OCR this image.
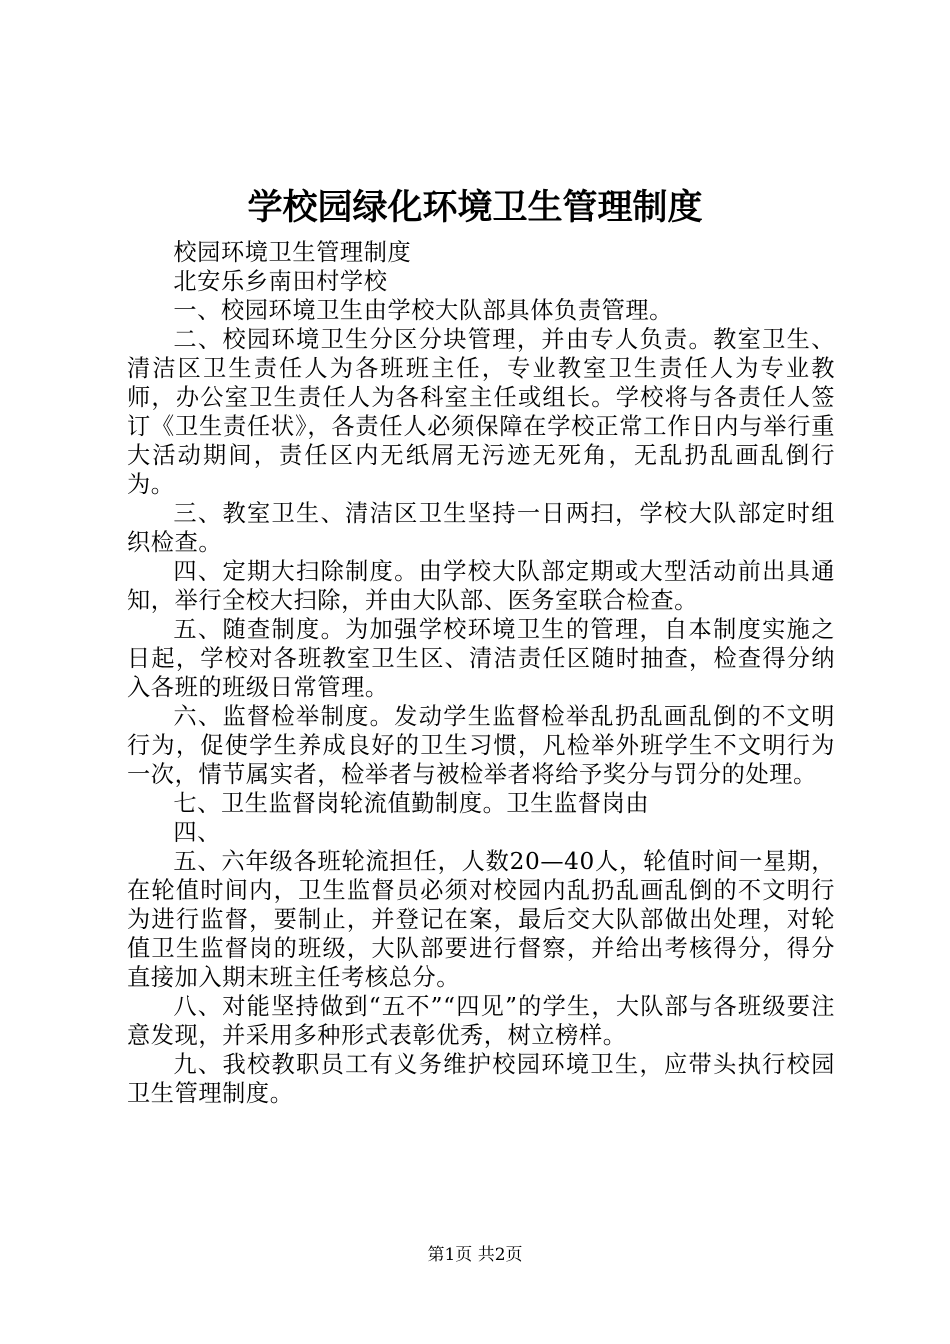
学校园绿化环境卫生管理制度

校园环境卫生管理制度

北安乐乡南田村学校

一、校园环境卫生由学校大队部具体负责管理。

二、校园环境卫生分区分块管理，并由专人负责。教室卫生、清洁区卫生责任人为各班班主任，专业教室卫生责任人为专业教师，办公室卫生责任人为各科室主任或组长。学校将与各责任人签订《卫生责任状》，各责任人必须保障在学校正常工作日内与举行重大活动期间，责任区内无纸屑无污迹无死角，无乱扔乱画乱倒行为。

三、教室卫生、清洁区卫生坚持一日两扫，学校大队部定时组织检查。

四、定期大扫除制度。由学校大队部定期或大型活动前出具通知，举行全校大扫除，并由大队部、医务室联合检查。

五、随查制度。为加强学校环境卫生的管理，自本制度实施之日起，学校对各班教室卫生区、清洁责任区随时抽查，检查得分纳入各班的班级日常管理。

六、监督检举制度。发动学生监督检举乱扔乱画乱倒的不文明行为，促使学生养成良好的卫生习惯，凡检举外班学生不文明行为一次，情节属实者，检举者与被检举者将给予奖分与罚分的处理。

七、卫生监督岗轮流值勤制度。卫生监督岗由

四、

五、六年级各班轮流担任，人数20—40人，轮值时间一星期，在轮值时间内，卫生监督员必须对校园内乱扔乱画乱倒的不文明行为进行监督，要制止，并登记在案，最后交大队部做出处理，对轮值卫生监督岗的班级，大队部要进行督察，并给出考核得分，得分直接加入期末班主任考核总分。

八、对能坚持做到“五不”“四见”的学生，大队部与各班级要注意发现，并采用多种形式表彰优秀，树立榜样。

九、我校教职员工有义务维护校园环境卫生，应带头执行校园卫生管理制度。

第1页 共2页
